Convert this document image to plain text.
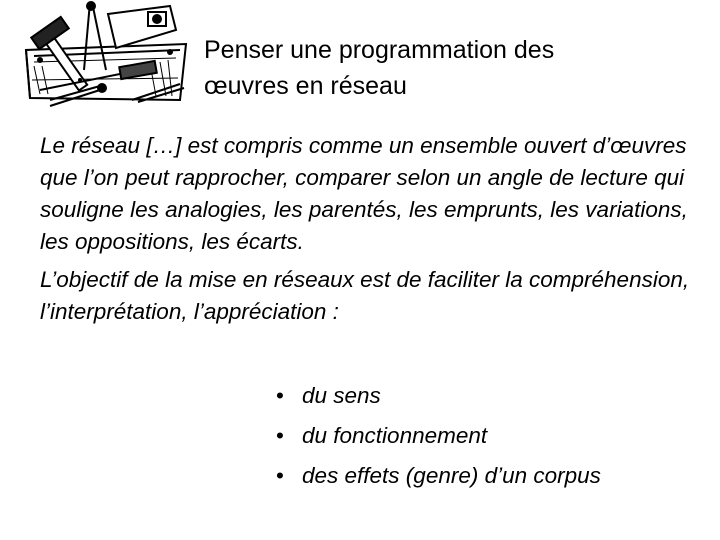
Penser une programmation des
œuvres en réseau

Le réseau […] est compris comme un ensemble ouvert d’œuvres que l’on peut rapprocher, comparer selon un angle de lecture qui souligne les analogies, les parentés, les emprunts, les variations, les oppositions, les écarts.

L’objectif de la mise en réseaux est de faciliter la compréhension, l’interprétation, l’appréciation :

• du sens
• du fonctionnement
• des effets (genre) d’un corpus
